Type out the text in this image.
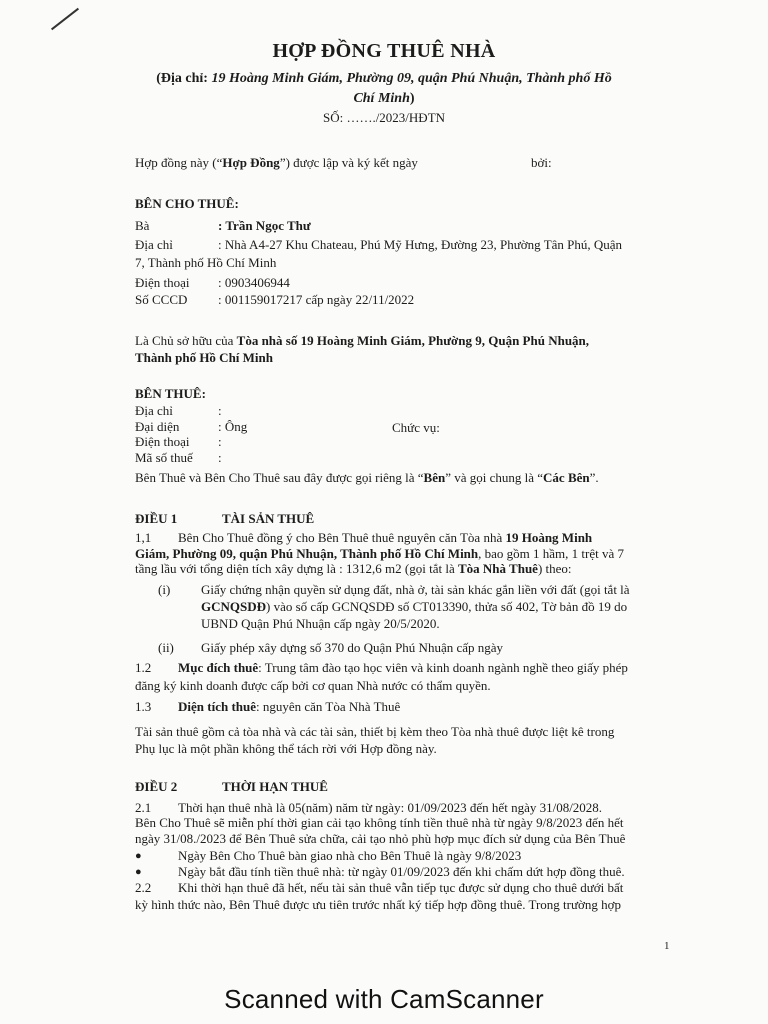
HỢP ĐỒNG THUÊ NHÀ
(Địa chỉ: 19 Hoàng Minh Giám, Phường 09, quận Phú Nhuận, Thành phố Hồ
Chí Minh)
SỐ: ……./2023/HĐTN
Hợp đồng này (“Hợp Đồng”) được lập và ký kết ngày	bởi:
BÊN CHO THUÊ:
Bà	: Trần Ngọc Thư
Địa chỉ	: Nhà A4-27 Khu Chateau, Phú Mỹ Hưng, Đường 23, Phường Tân Phú, Quận
7, Thành phố Hồ Chí Minh
Điện thoại : 0903406944
Số CCCD : 001159017217 cấp ngày 22/11/2022
Là Chủ sở hữu của Tòa nhà số 19 Hoàng Minh Giám, Phường 9, Quận Phú Nhuận,
Thành phố Hồ Chí Minh
BÊN THUÊ:
Địa chỉ	:
Đại diện	: Ông	Chức vụ:
Điện thoại :
Mã số thuế :
Bên Thuê và Bên Cho Thuê sau đây được gọi riêng là “Bên” và gọi chung là “Các Bên”.
ĐIỀU 1	TÀI SẢN THUÊ
1,1 Bên Cho Thuê đồng ý cho Bên Thuê thuê nguyên căn Tòa nhà 19 Hoàng Minh
Giám, Phường 09, quận Phú Nhuận, Thành phố Hồ Chí Minh, bao gồm 1 hầm, 1 trệt và 7
tầng lầu với tổng diện tích xây dựng là : 1312,6 m2 (gọi tắt là Tòa Nhà Thuê) theo:
(i) Giấy chứng nhận quyền sử dụng đất, nhà ở, tài sản khác gắn liền với đất (gọi tắt là
GCNQSDĐ) vào số cấp GCNQSDĐ số CT013390, thửa số 402, Tờ bản đồ 19 do
UBND Quận Phú Nhuận cấp ngày 20/5/2020.
(ii) Giấy phép xây dựng số 370 do Quận Phú Nhuận cấp ngày
1.2 Mục đích thuê: Trung tâm đào tạo học viên và kinh doanh ngành nghề theo giấy phép
đăng ký kinh doanh được cấp bởi cơ quan Nhà nước có thẩm quyền.
1.3 Diện tích thuê: nguyên căn Tòa Nhà Thuê
Tài sản thuê gồm cả tòa nhà và các tài sản, thiết bị kèm theo Tòa nhà thuê được liệt kê trong
Phụ lục là một phần không thể tách rời với Hợp đồng này.
ĐIỀU 2	THỜI HẠN THUÊ
2.1 Thời hạn thuê nhà là 05(năm) năm từ ngày: 01/09/2023 đến hết ngày 31/08/2028.
Bên Cho Thuê sẽ miễn phí thời gian cải tạo không tính tiền thuê nhà từ ngày 9/8/2023 đến hết
ngày 31/08./2023 để Bên Thuê sửa chữa, cải tạo nhỏ phù hợp mục đích sử dụng của Bên Thuê
●	Ngày Bên Cho Thuê bàn giao nhà cho Bên Thuê là ngày 9/8/2023
●	Ngày bắt đầu tính tiền thuê nhà: từ ngày 01/09/2023 đến khi chấm dứt hợp đồng thuê.
2.2 Khi thời hạn thuê đã hết, nếu tài sản thuê vẫn tiếp tục được sử dụng cho thuê dưới bất
kỳ hình thức nào, Bên Thuê được ưu tiên trước nhất ký tiếp hợp đồng thuê. Trong trường hợp
1
Scanned with CamScanner
